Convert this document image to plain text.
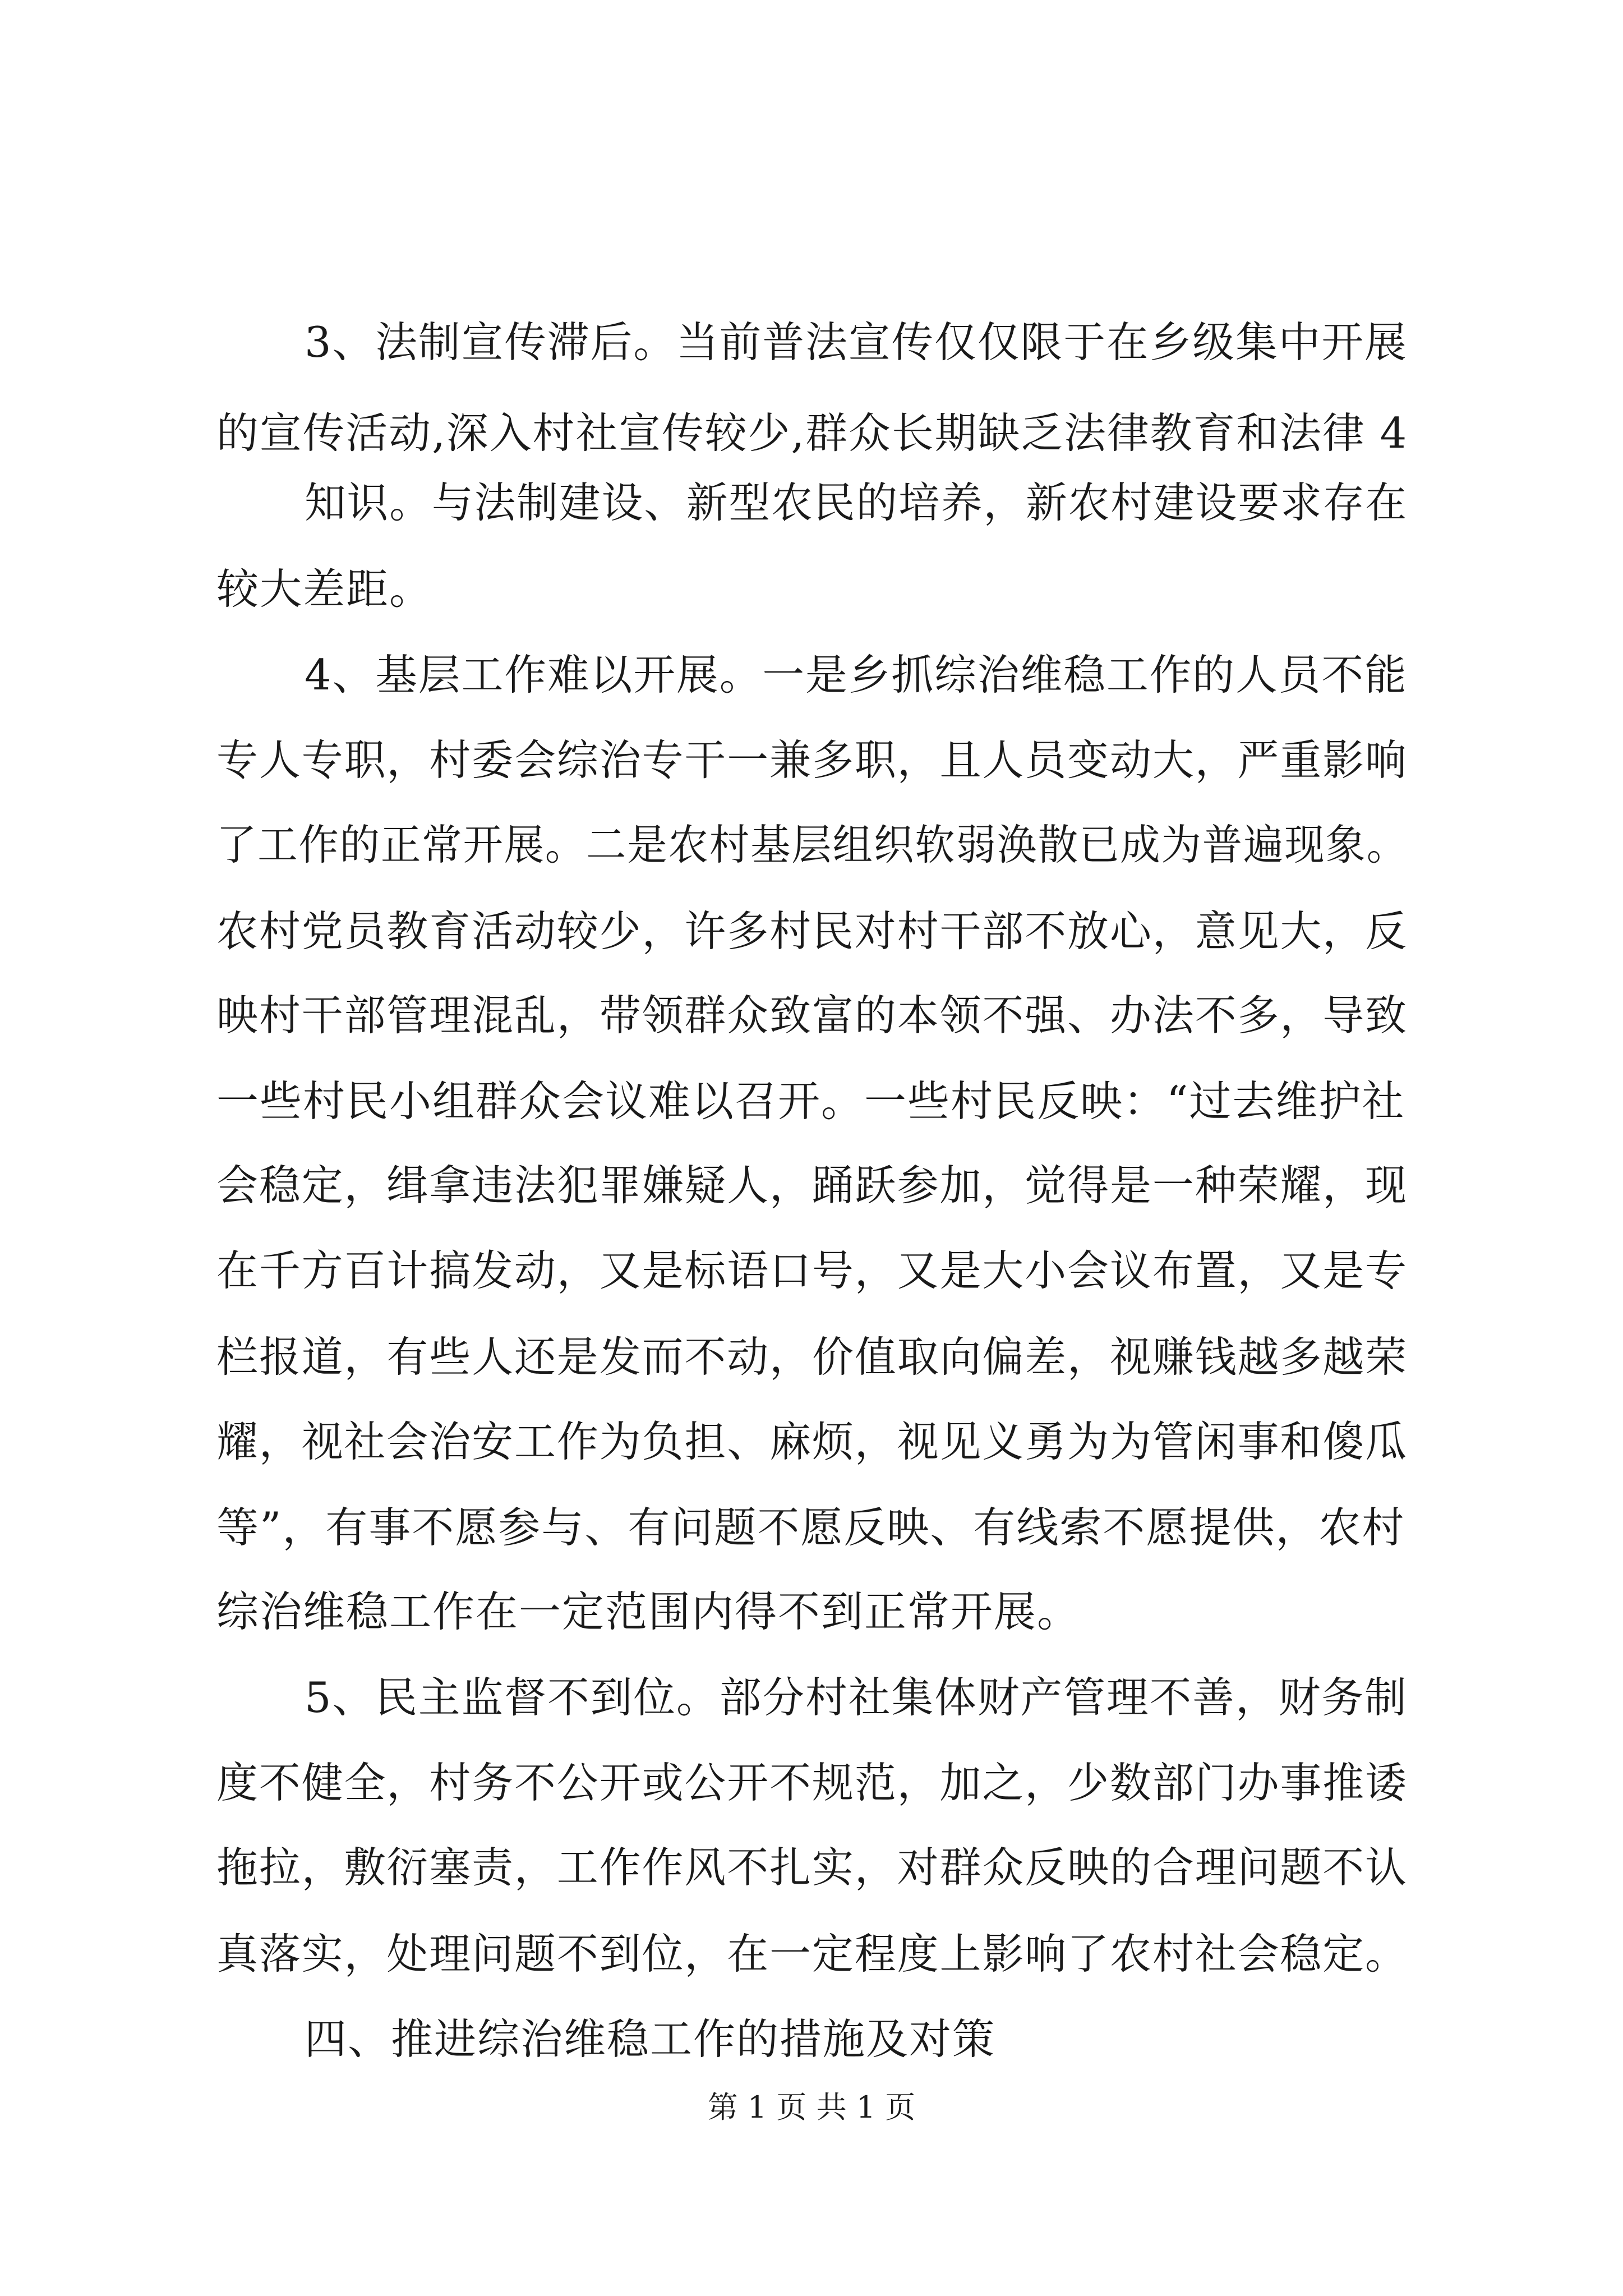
3、法制宣传滞后。当前普法宣传仅仅限于在乡级集中开展
的宣传活动,深入村社宣传较少,群众长期缺乏法律教育和法律 4
知识。与法制建设、新型农民的培养，新农村建设要求存在
较大差距。
4、基层工作难以开展。一是乡抓综治维稳工作的人员不能
专人专职，村委会综治专干一兼多职，且人员变动大，严重影响
了工作的正常开展。二是农村基层组织软弱涣散已成为普遍现象。
农村党员教育活动较少，许多村民对村干部不放心，意见大，反
映村干部管理混乱，带领群众致富的本领不强、办法不多，导致
一些村民小组群众会议难以召开。一些村民反映：“过去维护社
会稳定，缉拿违法犯罪嫌疑人，踊跃参加，觉得是一种荣耀，现
在千方百计搞发动，又是标语口号，又是大小会议布置，又是专
栏报道，有些人还是发而不动，价值取向偏差，视赚钱越多越荣
耀，视社会治安工作为负担、麻烦，视见义勇为为管闲事和傻瓜
等”，有事不愿参与、有问题不愿反映、有线索不愿提供，农村
综治维稳工作在一定范围内得不到正常开展。
5、民主监督不到位。部分村社集体财产管理不善，财务制
度不健全，村务不公开或公开不规范，加之，少数部门办事推诿
拖拉，敷衍塞责，工作作风不扎实，对群众反映的合理问题不认
真落实，处理问题不到位，在一定程度上影响了农村社会稳定。
四、推进综治维稳工作的措施及对策
第 1 页 共 1 页
